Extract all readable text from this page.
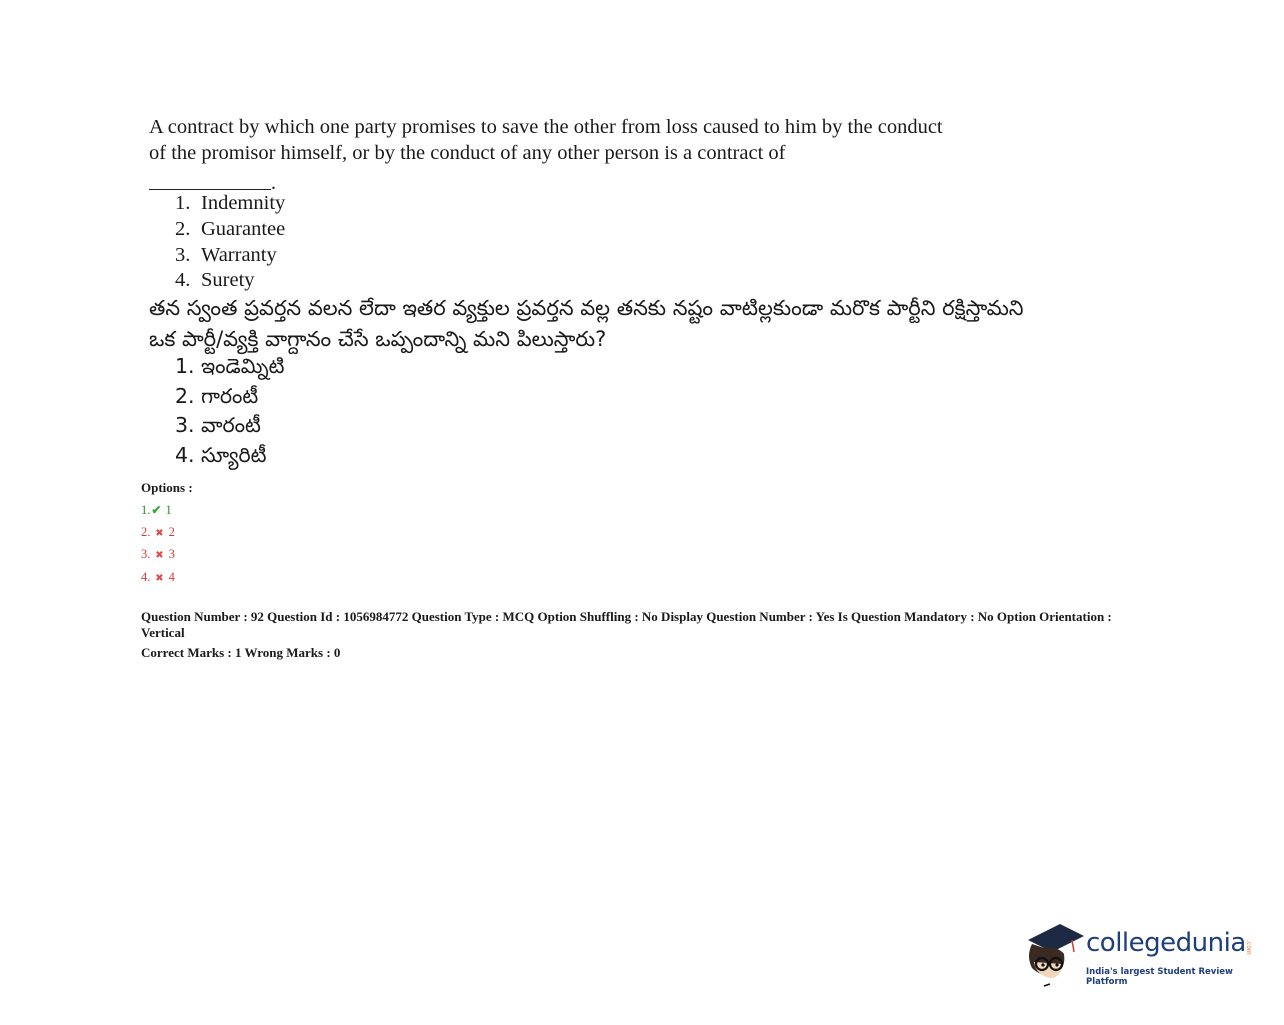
A contract by which one party promises to save the other from loss caused to him by the conduct of the promisor himself, or by the conduct of any other person is a contract of
.
1. Indemnity
2. Guarantee
3. Warranty
4. Surety
తన స్వంత ప్రవర్తన వలన లేదా ఇతర వ్యక్తుల ప్రవర్తన వల్ల తనకు నష్టం వాటిల్లకుండా మరొక పార్టీని రక్షిస్తామని ఒక పార్టీ/వ్యక్తి వాగ్దానం చేసే ఒప్పందాన్ని మని పిలుస్తారు?
1. ఇండెమ్నిటి
2. గారంటీ
3. వారంటీ
4. స్యూరిటీ
Options :
1.✔ 1
2. ✖ 2
3. ✖ 3
4. ✖ 4
Question Number : 92 Question Id : 1056984772 Question Type : MCQ Option Shuffling : No Display Question Number : Yes Is Question Mandatory : No Option Orientation : Vertical
Correct Marks : 1 Wrong Marks : 0
collegedunia .com
India's largest Student Review Platform
